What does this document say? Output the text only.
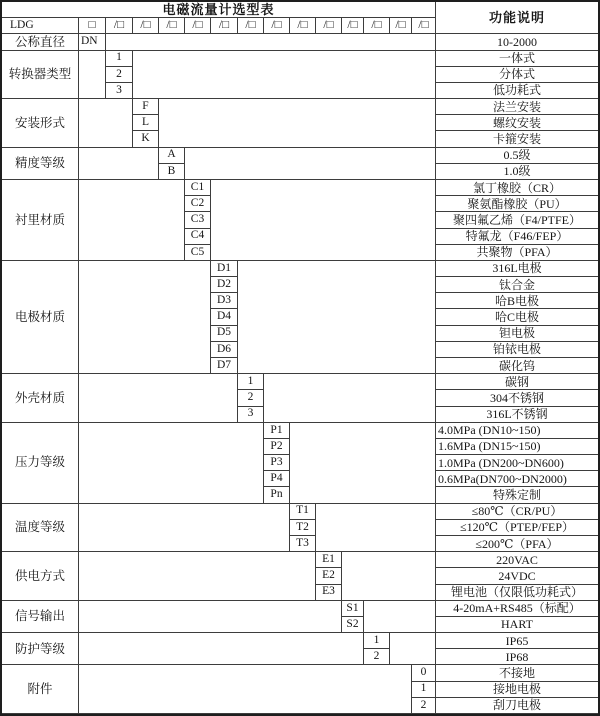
电磁流量计选型表
功能说明
LDG	□	/□	/□	/□	/□	/□	/□	/□	/□	/□	/□	/□	/□	/□
公称直径	DN	10-2000
转换器类型
1	一体式
2	分体式
3	低功耗式
安装形式
F	法兰安装
L	螺纹安装
K	卡箍安装
精度等级
A	0.5级
B	1.0级
衬里材质
C1	氯丁橡胶（CR）
C2	聚氨酯橡胶（PU）
C3	聚四氟乙烯（F4/PTFE）
C4	特氟龙（F46/FEP）
C5	共聚物（PFA）
电极材质
D1	316L电极
D2	钛合金
D3	哈B电极
D4	哈C电极
D5	钽电极
D6	铂铱电极
D7	碳化钨
外壳材质
1	碳钢
2	304不锈钢
3	316L不锈钢
压力等级
P1	4.0MPa (DN10~150)
P2	1.6MPa (DN15~150)
P3	1.0MPa (DN200~DN600)
P4	0.6MPa(DN700~DN2000)
Pn	特殊定制
温度等级
T1	≤80℃（CR/PU）
T2	≤120℃（PTEP/FEP）
T3	≤200℃（PFA）
供电方式
E1	220VAC
E2	24VDC
E3	锂电池（仅限低功耗式）
信号输出
S1	4-20mA+RS485（标配）
S2	HART
防护等级
1	IP65
2	IP68
附件
0	不接地
1	接地电极
2	刮刀电极
